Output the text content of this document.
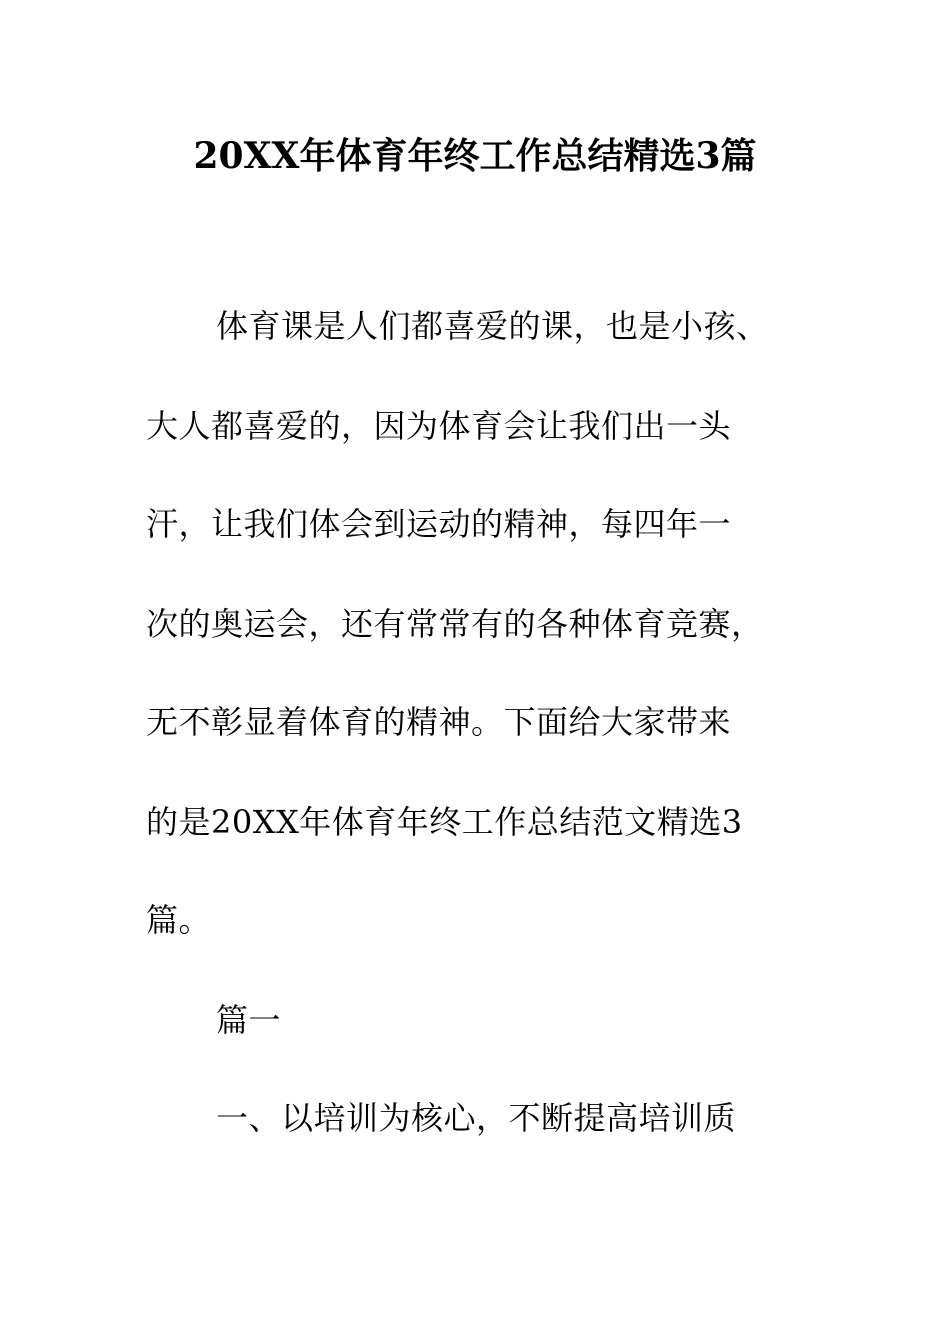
20XX年体育年终工作总结精选3篇
体育课是人们都喜爱的课，也是小孩、
大人都喜爱的，因为体育会让我们出一头
汗，让我们体会到运动的精神，每四年一
次的奥运会，还有常常有的各种体育竞赛，
无不彰显着体育的精神。下面给大家带来
的是20XX年体育年终工作总结范文精选3
篇。
篇一
一、以培训为核心，不断提高培训质
